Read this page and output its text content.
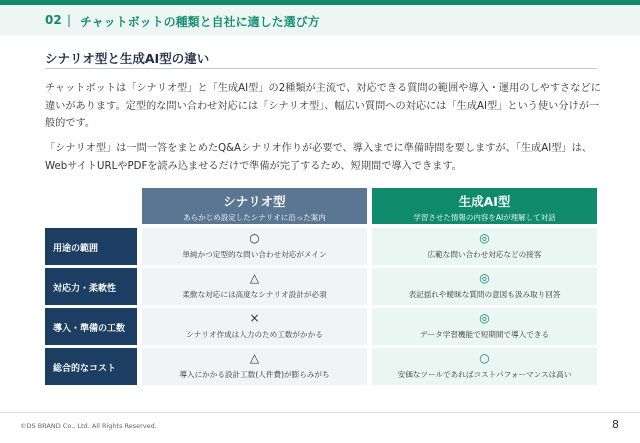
02 | チャットボットの種類と自社に適した選び方
シナリオ型と生成AI型の違い

チャットボットは「シナリオ型」と「生成AI型」の2種類が主流で、対応できる質問の範囲や導入・運用のしやすさなどに違いがあります。定型的な問い合わせ対応には「シナリオ型」、幅広い質問への対応には「生成AI型」という使い分けが一般的です。

「シナリオ型」は一問一答をまとめたQ&Aシナリオ作りが必要で、導入までに準備時間を要しますが、「生成AI型」は、WebサイトURLやPDFを読み込ませるだけで準備が完了するため、短期間で導入できます。

シナリオ型
あらかじめ設定したシナリオに沿った案内
生成AI型
学習させた情報の内容をAIが理解して対話
用途の範囲
○
単純かつ定型的な問い合わせ対応がメイン
◎
広範な問い合わせ対応などの接客
対応力・柔軟性
△
柔軟な対応には高度なシナリオ設計が必須
◎
表記揺れや曖昧な質問の意図も汲み取り回答
導入・準備の工数
×
シナリオ作成は人力のため工数がかかる
◎
データ学習機能で短期間で導入できる
総合的なコスト
△
導入にかかる設計工数(人件費)が膨らみがち
○
安価なツールであればコストパフォーマンスは高い
©DS BRAND Co., Ltd. All Rights Reserved.	8
